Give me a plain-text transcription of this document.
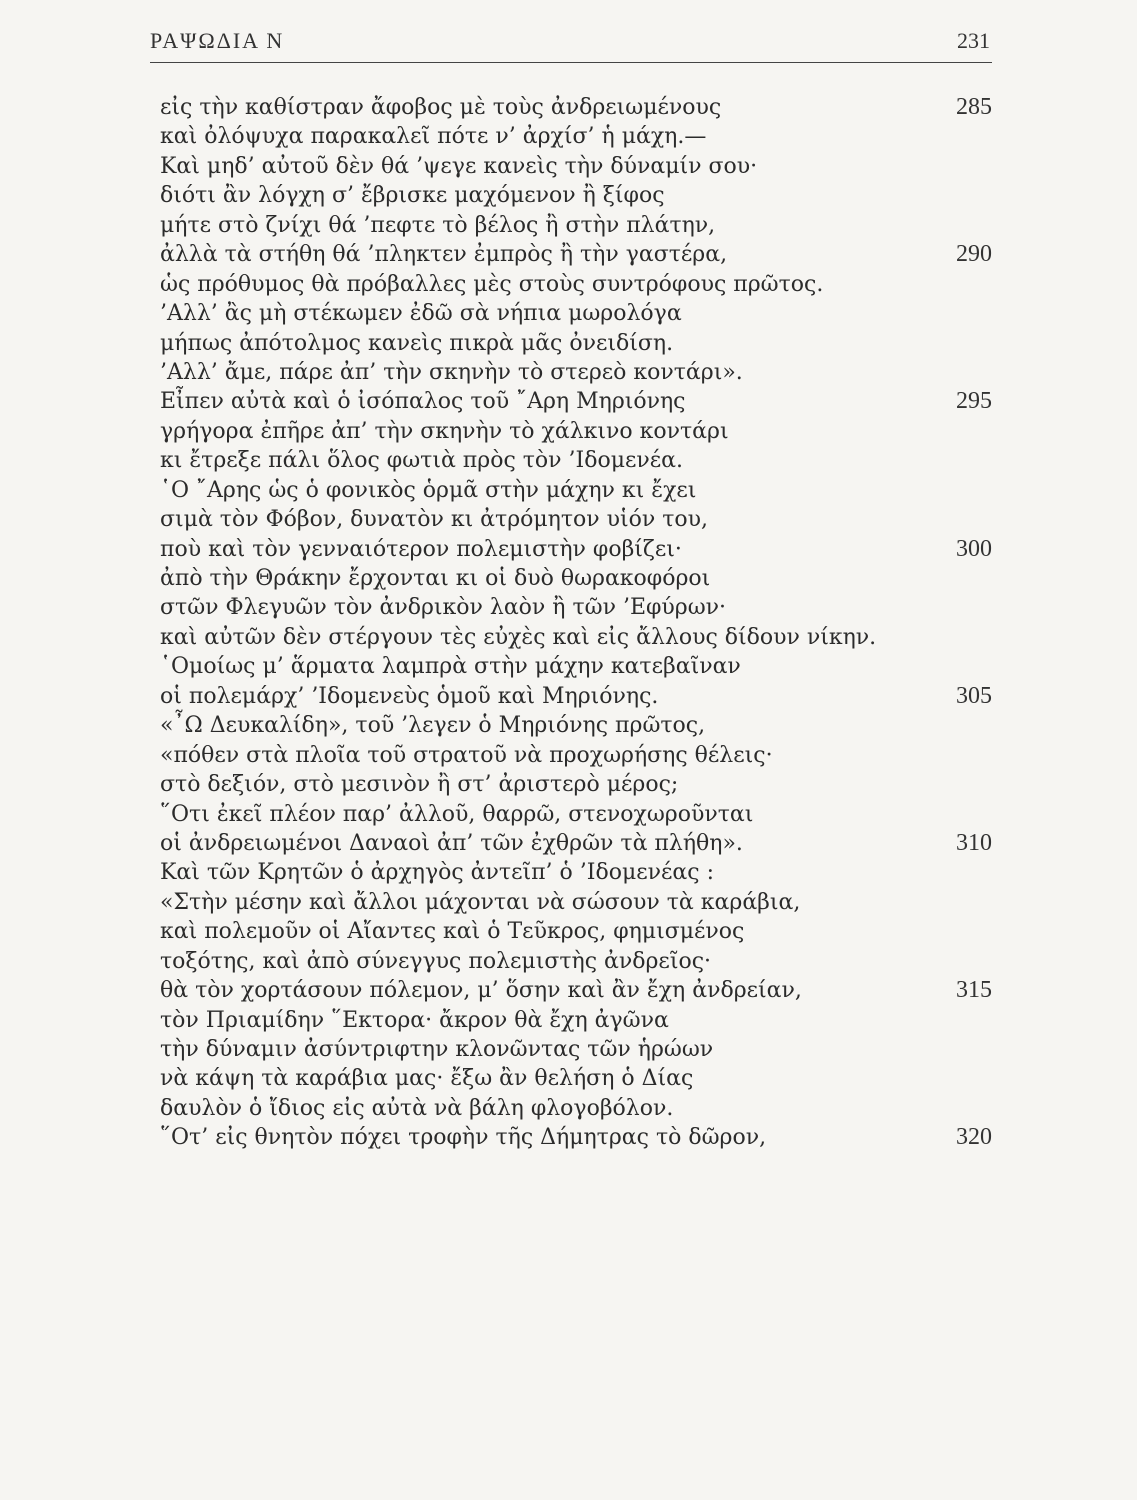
ΡΑΨΩΔΙΑ Ν	231
εἰς τὴν καθίστραν ἄφοβος μὲ τοὺς ἀνδρειωμένους	285
καὶ ὀλόψυχα παρακαλεῖ πότε ν’ ἀρχίσ’ ἡ μάχη.—
Καὶ μηδ’ αὐτοῦ δὲν θά ’ψεγε κανεὶς τὴν δύναμίν σου·
διότι ἂν λόγχη σ’ ἔβρισκε μαχόμενον ἢ ξίφος
μήτε στὸ ζνίχι θά ’πεφτε τὸ βέλος ἢ στὴν πλάτην,
ἀλλὰ τὰ στήθη θά ’πληκτεν ἐμπρὸς ἢ τὴν γαστέρα,	290
ὡς πρόθυμος θὰ πρόβαλλες μὲς στοὺς συντρόφους πρῶτος.
’Αλλ’ ἂς μὴ στέκωμεν ἐδῶ σὰ νήπια μωρολόγα
μήπως ἀπότολμος κανεὶς πικρὰ μᾶς ὀνειδίση.
’Αλλ’ ἄμε, πάρε ἀπ’ τὴν σκηνὴν τὸ στερεὸ κοντάρι».
Εἶπεν αὐτὰ καὶ ὁ ἰσόπαλος τοῦ ῎Αρη Μηριόνης	295
γρήγορα ἐπῆρε ἀπ’ τὴν σκηνὴν τὸ χάλκινο κοντάρι
κι ἔτρεξε πάλι ὅλος φωτιὰ πρὸς τὸν ’Ιδομενέα.
῾Ο ῎Αρης ὡς ὁ φονικὸς ὁρμᾶ στὴν μάχην κι ἔχει
σιμὰ τὸν Φόβον, δυνατὸν κι ἀτρόμητον υἱόν του,
ποὺ καὶ τὸν γενναιότερον πολεμιστὴν φοβίζει·	300
ἀπὸ τὴν Θράκην ἔρχονται κι οἱ δυὸ θωρακοφόροι
στῶν Φλεγυῶν τὸν ἀνδρικὸν λαὸν ἢ τῶν ’Εφύρων·
καὶ αὐτῶν δὲν στέργουν τὲς εὐχὲς καὶ εἰς ἄλλους δίδουν νίκην.
῾Ομοίως μ’ ἅρματα λαμπρὰ στὴν μάχην κατεβαῖναν
οἱ πολεμάρχ’ ’Ιδομενεὺς ὁμοῦ καὶ Μηριόνης.	305
«῏Ω Δευκαλίδη», τοῦ ’λεγεν ὁ Μηριόνης πρῶτος,
«πόθεν στὰ πλοῖα τοῦ στρατοῦ νὰ προχωρήσης θέλεις·
στὸ δεξιόν, στὸ μεσινὸν ἢ στ’ ἀριστερὸ μέρος;
῞Οτι ἐκεῖ πλέον παρ’ ἀλλοῦ, θαρρῶ, στενοχωροῦνται
οἱ ἀνδρειωμένοι Δαναοὶ ἀπ’ τῶν ἐχθρῶν τὰ πλήθη».	310
Καὶ τῶν Κρητῶν ὁ ἀρχηγὸς ἀντεῖπ’ ὁ ’Ιδομενέας :
«Στὴν μέσην καὶ ἄλλοι μάχονται νὰ σώσουν τὰ καράβια,
καὶ πολεμοῦν οἱ Αἴαντες καὶ ὁ Τεῦκρος, φημισμένος
τοξότης, καὶ ἀπὸ σύνεγγυς πολεμιστὴς ἀνδρεῖος·
θὰ τὸν χορτάσουν πόλεμον, μ’ ὅσην καὶ ἂν ἔχη ἀνδρείαν,	315
τὸν Πριαμίδην ῞Εκτορα· ἄκρον θὰ ἔχη ἀγῶνα
τὴν δύναμιν ἀσύντριφτην κλονῶντας τῶν ἡρώων
νὰ κάψη τὰ καράβια μας· ἔξω ἂν θελήση ὁ Δίας
δαυλὸν ὁ ἴδιος εἰς αὐτὰ νὰ βάλη φλογοβόλον.
῞Οτ’ εἰς θνητὸν πόχει τροφὴν τῆς Δήμητρας τὸ δῶρον,	320
